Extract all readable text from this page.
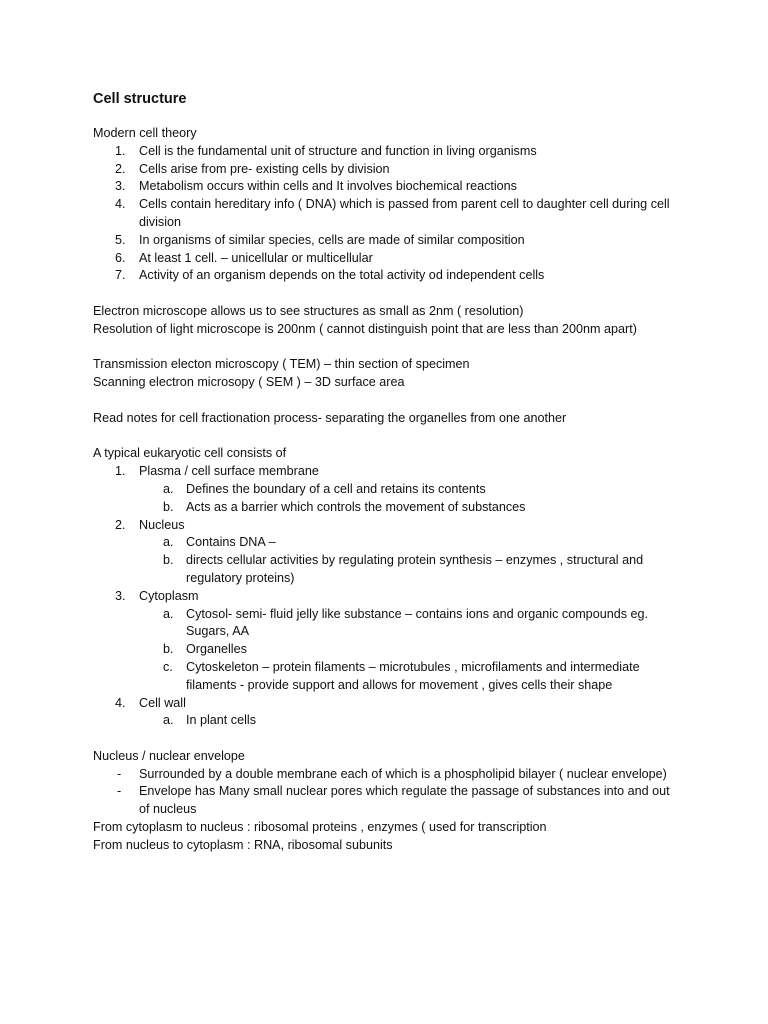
Cell structure

Modern cell theory

1. Cell is the fundamental unit of structure and function in living organisms
2. Cells arise from pre- existing cells by division
3. Metabolism occurs within cells and It involves biochemical reactions
4. Cells contain hereditary info ( DNA) which is passed from parent cell to daughter cell during cell division
5. In organisms of similar species, cells are made of similar composition
6. At least 1 cell. – unicellular or multicellular
7. Activity of an organism depends on the total activity od independent cells

Electron microscope allows us to see structures as small as 2nm ( resolution)

Resolution of light microscope is 200nm ( cannot distinguish point that are less than 200nm apart)

Transmission electon microscopy ( TEM) – thin section of specimen

Scanning electron microsopy ( SEM ) – 3D surface area

Read notes for cell fractionation process- separating the organelles from one another

A typical eukaryotic cell consists of

1. Plasma / cell surface membrane
a. Defines the boundary of a cell and retains its contents
b. Acts as a barrier which controls the movement of substances
2. Nucleus
a. Contains DNA –
b. directs cellular activities by regulating protein synthesis – enzymes , structural and regulatory proteins)
3. Cytoplasm
a. Cytosol- semi- fluid jelly like substance – contains ions and organic compounds eg. Sugars, AA
b. Organelles
c. Cytoskeleton – protein filaments – microtubules , microfilaments and intermediate filaments - provide support and allows for movement , gives cells their shape
4. Cell wall
a. In plant cells

Nucleus / nuclear envelope

- Surrounded by a double membrane each of which is a phospholipid bilayer ( nuclear envelope)
- Envelope has Many small nuclear pores which regulate the passage of substances into and out of nucleus

From cytoplasm to nucleus : ribosomal proteins , enzymes ( used for transcription

From nucleus to cytoplasm : RNA, ribosomal subunits
